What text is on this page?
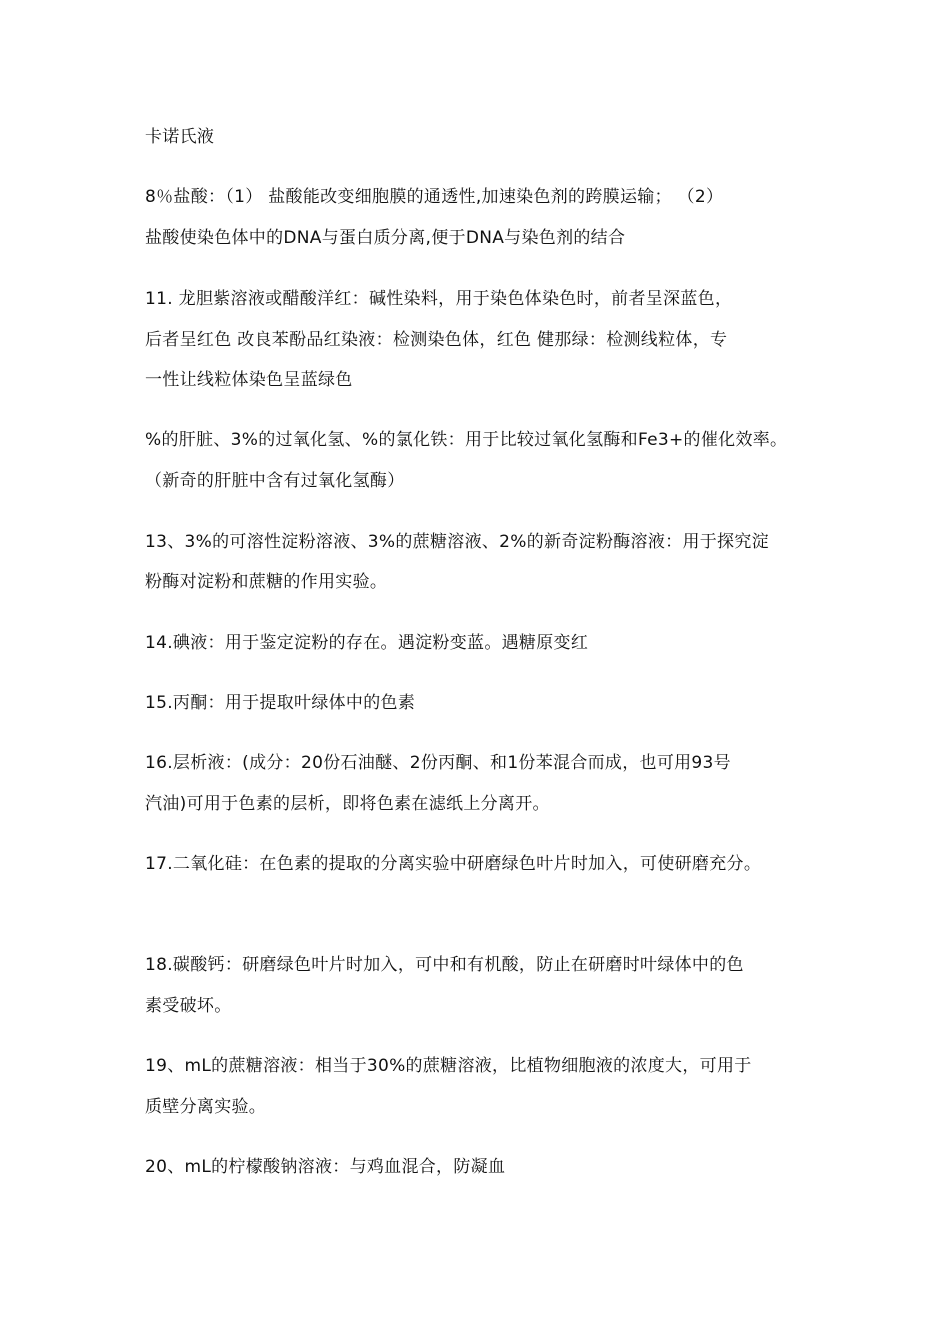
卡诺氏液
8％盐酸：（1） 盐酸能改变细胞膜的通透性,加速染色剂的跨膜运输； （2）
盐酸使染色体中的DNA与蛋白质分离,便于DNA与染色剂的结合
11. 龙胆紫溶液或醋酸洋红：碱性染料，用于染色体染色时，前者呈深蓝色，
后者呈红色 改良苯酚品红染液：检测染色体，红色 健那绿：检测线粒体，专
一性让线粒体染色呈蓝绿色
%的肝脏、3%的过氧化氢、%的氯化铁：用于比较过氧化氢酶和Fe3+的催化效率。
（新奇的肝脏中含有过氧化氢酶）
13、3%的可溶性淀粉溶液、3%的蔗糖溶液、2%的新奇淀粉酶溶液：用于探究淀
粉酶对淀粉和蔗糖的作用实验。
14.碘液：用于鉴定淀粉的存在。遇淀粉变蓝。遇糖原变红
15.丙酮：用于提取叶绿体中的色素
16.层析液：(成分：20份石油醚、2份丙酮、和1份苯混合而成，也可用93号
汽油)可用于色素的层析，即将色素在滤纸上分离开。
17.二氧化硅：在色素的提取的分离实验中研磨绿色叶片时加入，可使研磨充分。
18.碳酸钙：研磨绿色叶片时加入，可中和有机酸，防止在研磨时叶绿体中的色
素受破坏。
19、mL的蔗糖溶液：相当于30%的蔗糖溶液，比植物细胞液的浓度大，可用于
质壁分离实验。
20、mL的柠檬酸钠溶液：与鸡血混合，防凝血
